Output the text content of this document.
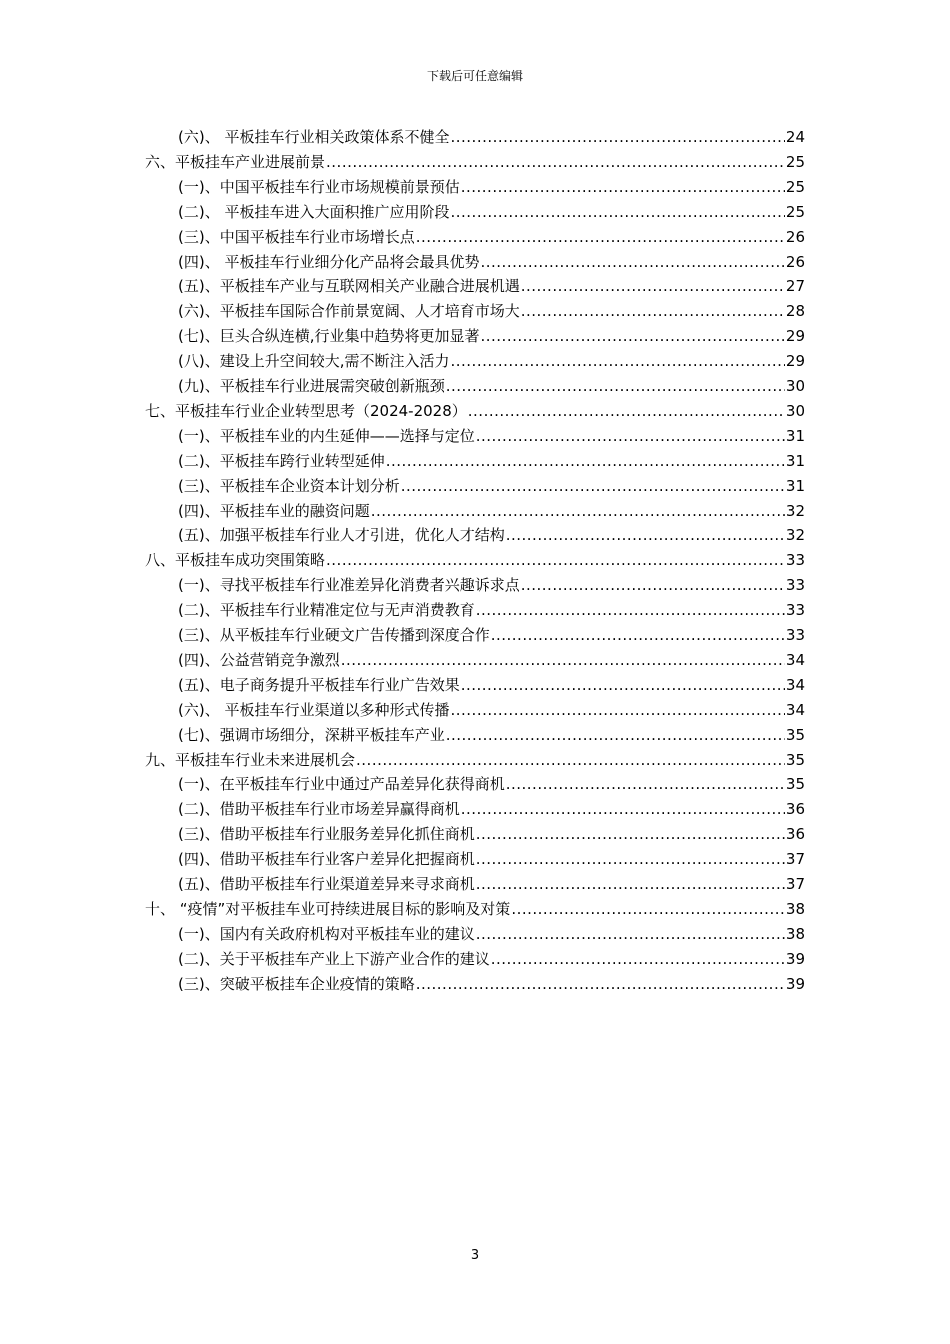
下载后可任意编辑
(六)、 平板挂车行业相关政策体系不健全 .....	24
六、平板挂车产业进展前景 .....	25
(一)、中国平板挂车行业市场规模前景预估 .....	25
(二)、 平板挂车进入大面积推广应用阶段 .....	25
(三)、中国平板挂车行业市场增长点 .....	26
(四)、 平板挂车行业细分化产品将会最具优势 .....	26
(五)、平板挂车产业与互联网相关产业融合进展机遇 .....	27
(六)、平板挂车国际合作前景宽阔、人才培育市场大 .....	28
(七)、巨头合纵连横,行业集中趋势将更加显著 .....	29
(八)、建设上升空间较大,需不断注入活力 .....	29
(九)、平板挂车行业进展需突破创新瓶颈 .....	30
七、平板挂车行业企业转型思考（2024-2028） .....	30
(一)、平板挂车业的内生延伸——选择与定位 .....	31
(二)、平板挂车跨行业转型延伸 .....	31
(三)、平板挂车企业资本计划分析 .....	31
(四)、平板挂车业的融资问题 .....	32
(五)、加强平板挂车行业人才引进，优化人才结构 .....	32
八、平板挂车成功突围策略 .....	33
(一)、寻找平板挂车行业准差异化消费者兴趣诉求点 .....	33
(二)、平板挂车行业精准定位与无声消费教育 .....	33
(三)、从平板挂车行业硬文广告传播到深度合作 .....	33
(四)、公益营销竞争激烈 .....	34
(五)、电子商务提升平板挂车行业广告效果 .....	34
(六)、 平板挂车行业渠道以多种形式传播 .....	34
(七)、强调市场细分，深耕平板挂车产业 .....	35
九、平板挂车行业未来进展机会 .....	35
(一)、在平板挂车行业中通过产品差异化获得商机 .....	35
(二)、借助平板挂车行业市场差异赢得商机 .....	36
(三)、借助平板挂车行业服务差异化抓住商机 .....	36
(四)、借助平板挂车行业客户差异化把握商机 .....	37
(五)、借助平板挂车行业渠道差异来寻求商机 .....	37
十、 “疫情”对平板挂车业可持续进展目标的影响及对策 .....	38
(一)、国内有关政府机构对平板挂车业的建议 .....	38
(二)、关于平板挂车产业上下游产业合作的建议 .....	39
(三)、突破平板挂车企业疫情的策略 .....	39
3
